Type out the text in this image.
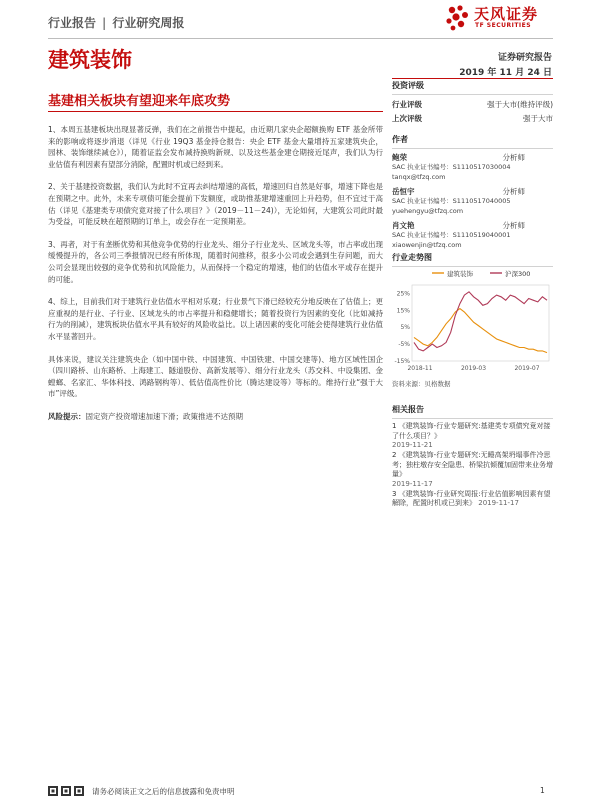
行业报告 | 行业研究周报	天风证券
TF SECURITIES
建筑装饰	证券研究报告
2019 年 11 月 24 日
基建相关板块有望迎来年底攻势

1、本周五基建板块出现显著反弹，我们在之前报告中提起，由近期几家央企超额换购 ETF 基金所带来的影响或将逐步消退（详见《行业 19Q3 基金持仓报告：央企 ETF 基金大量增持五家建筑央企，园林、装饰继续减仓》），随着证监会发布减持换购新规、以及这些基金建仓期接近尾声，我们认为行业估值有利因素有望部分消除，配置时机或已经到来。

2、关于基建投资数据，我们认为此时不宜再去纠结增速的高低，增速回归自然是好事，增速下降也是在预期之中。此外，未来专项债可能会提前下发额度，或助推基建增速重回上升趋势，但不宜过于高估（详见《基建类专项债究竟对接了什么项目？》（2019－11－24)），无论如何，大建筑公司此时最为受益，可能反映在超预期的订单上，或会存在一定预期差。

3、再者，对于有垄断优势和其他竞争优势的行业龙头、细分子行业龙头、区域龙头等，市占率或出现缓慢提升的，各公司三季报情况已经有所体现，随着时间推移，很多小公司或会遇到生存问题，而大公司会显现出较强的竞争优势和抗风险能力，从而保持一个稳定的增速，他们的估值水平或存在提升的可能。

4、综上，目前我们对于建筑行业估值水平相对乐观；行业景气下滑已经较充分地反映在了估值上；更应重视的是行业、子行业、区域龙头的市占率提升和稳健增长；随着投资行为因素的变化（比如减持行为的削减），建筑板块估值水平具有较好的风险收益比。以上诸因素的变化可能会使得建筑行业估值水平显著回升。

具体来说，建议关注建筑央企（如中国中铁、中国建筑、中国铁建、中国交建等)、地方区域性国企（四川路桥、山东路桥、上海建工、隧道股份、高新发展等）、细分行业龙头（苏交科、中设集团、金螳螂、名家汇、华体科技、鸿路钢构等）、低估值高性价比（腾达建设等）等标的。维持行业“强于大市”评级。

风险提示：固定资产投资增速加速下滑；政策推进不达预期

投资评级
行业评级	强于大市(维持评级)
上次评级	强于大市
作者
鲍荣	分析师
SAC 执业证书编号：S1110517030004
tanqx@tfzq.com
岳恒宇	分析师
SAC 执业证书编号：S1110517040005
yuehengyu@tfzq.com
肖文艳	分析师
SAC 执业证书编号：S1110519040001
xiaowenjin@tfzq.com
行业走势图
建筑装饰	沪深300
25%
15%
5%
-5%
-15%
2018-11	2019-03	2019-07
资料来源：贝格数据
相关报告
1 《建筑装饰-行业专题研究:基建类专项债究竟对接了什么项目？》
2019-11-21
2 《建筑装饰-行业专题研究:无睡高架坍塌事件冷思考；独柱墩存安全隐患、桥梁抗倾覆加固带来业务增量》
2019-11-17
3 《建筑装饰-行业研究周报:行业估值影响因素有望解除，配置时机或已到来》 2019-11-17
请务必阅读正文之后的信息披露和免责申明	1
